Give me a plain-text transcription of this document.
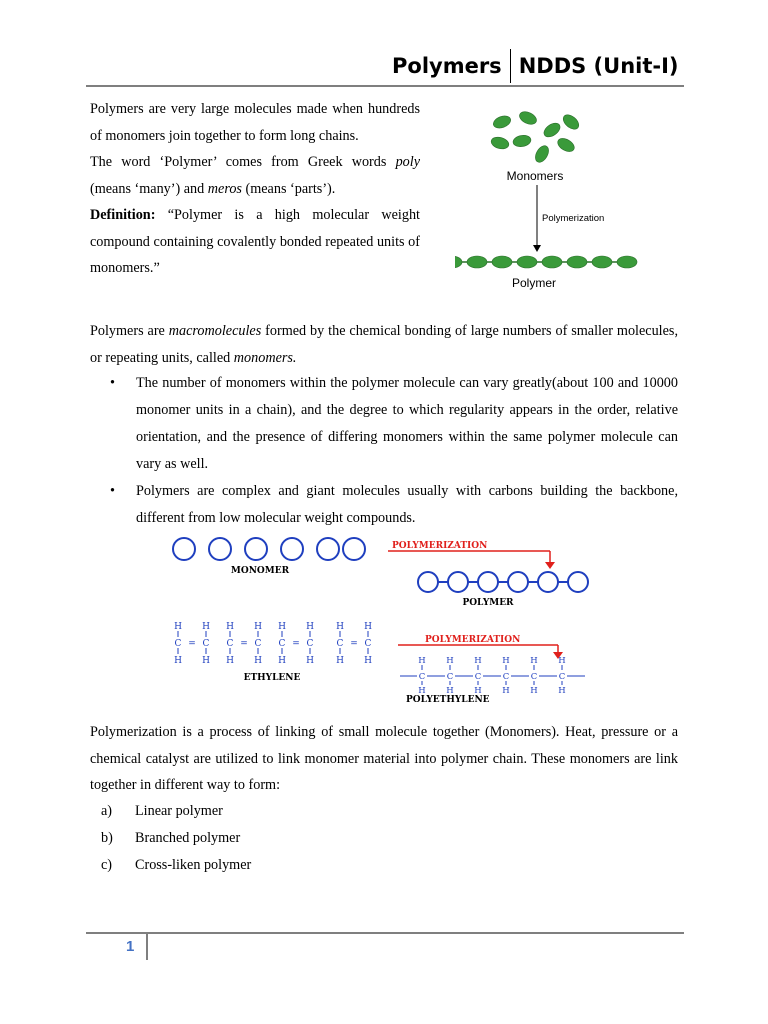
Polymers NDDS (Unit-I)

Polymers are very large molecules made when hundreds of monomers join together to form long chains.

The word ‘Polymer’ comes from Greek words poly (means ‘many’) and meros (means ‘parts’).

Definition: “Polymer is a high molecular weight compound containing covalently bonded repeated units of monomers.”

Monomers
Polymerization
Polymer
Polymers are macromolecules formed by the chemical bonding of large numbers of smaller molecules, or repeating units, called monomers.
• The number of monomers within the polymer molecule can vary greatly(about 100 and 10000 monomer units in a chain), and the degree to which regularity appears in the order, relative orientation, and the presence of differing monomers within the same polymer molecule can vary as well.
• Polymers are complex and giant molecules usually with carbons building the backbone, different from low molecular weight compounds.
MONOMER
POLYMERIZATION
POLYMER
H H H H H H H H
C C C C C C	C C
=	=	=	=
H H H H H H H H
ETHYLENE
POLYMERIZATION
H H H H H H
C	C	C	C	C	C
H H H H H H
POLYETHYLENE
Polymerization is a process of linking of small molecule together (Monomers). Heat, pressure or a chemical catalyst are utilized to link monomer material into polymer chain. These monomers are link together in different way to form:
a)	Linear polymer
b)	Branched polymer
c)	Cross-liken polymer
1
